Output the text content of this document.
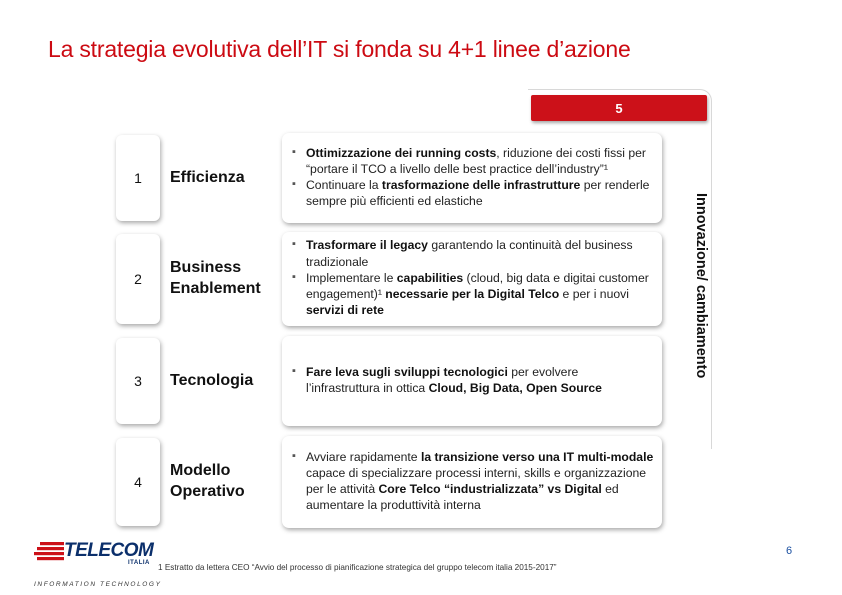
La strategia evolutiva dell’IT si fonda su 4+1 linee d’azione
5
Innovazione/ cambiamento
1	Efficienza
▪ Ottimizzazione dei running costs, riduzione dei costi fissi per “portare il TCO a livello delle best practice dell’industry”¹
▪ Continuare la trasformazione delle infrastrutture per renderle sempre più efficienti ed elastiche
2
Business Enablement
▪ Trasformare il legacy garantendo la continuità del business tradizionale
▪ Implementare le capabilities (cloud, big data e digitai customer engagement)¹ necessarie per la Digital Telco e per i nuovi servizi di rete
3	Tecnologia
▪	Fare leva sugli sviluppi tecnologici per evolvere l’infrastruttura in ottica Cloud, Big Data, Open Source
4
Modello Operativo
▪ Avviare rapidamente la transizione verso una IT multi-modale capace di specializzare processi interni, skills e organizzazione per le attività Core Telco “industrializzata” vs Digital ed aumentare la produttività interna
TELECOM
ITALIA
INFORMATION TECHNOLOGY
1 Estratto da lettera CEO “Avvio del processo di pianificazione strategica del gruppo telecom italia 2015-2017”
6
